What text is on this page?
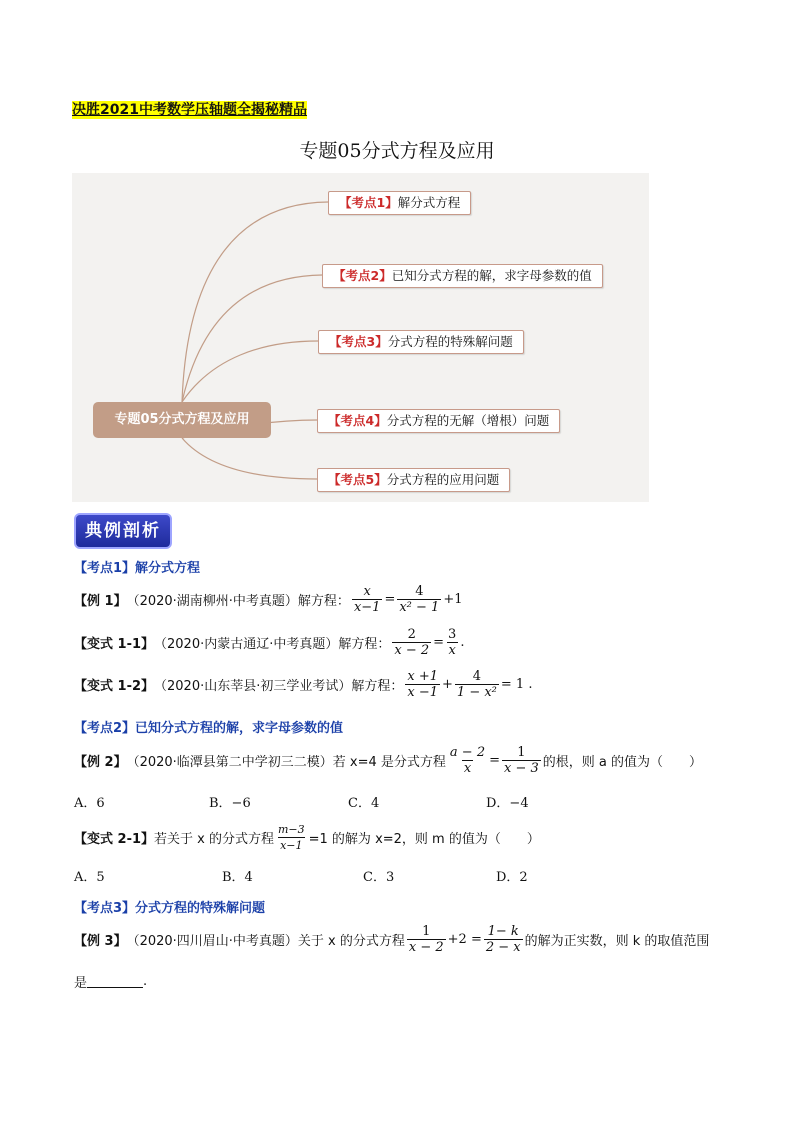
决胜2021中考数学压轴题全揭秘精品
专题05分式方程及应用
专题05分式方程及应用
【考点1】解分式方程
【考点2】已知分式方程的解，求字母参数的值
【考点3】分式方程的特殊解问题
【考点4】分式方程的无解（增根）问题
【考点5】分式方程的应用问题
典例剖析
【考点1】解分式方程
【例 1】 （2020·湖南柳州·中考真题）解方程： $\frac{x}{x-1} = \frac{4}{\text{x² − 1}} +1$
【变式 1-1】 （2020·内蒙古通辽·中考真题）解方程： $\frac{2}{x - 2} = \frac{3}{x}$ .
【变式 1-2】 （2020·山东莘县·初三学业考试）解方程： $\frac{x +1}{x -1} + \frac{4}{\text{1 − x²}} = 1$ .
【考点2】已知分式方程的解，求字母参数的值
【例 2】 （2020·临潭县第二中学初三二模）若 x=4 是分式方程 $\frac{a - 2}{x} = \frac{1}{x - 3}$ 的根，则 a 的值为（　　）
A．6	B．−6	C．4	D．−4
【变式 2-1】 若关于 x 的分式方程 $\frac{m-3}{x-1} =1$ 的解为 x=2，则 m 的值为（　　）
A．5	B．4	C．3	D．2
【考点3】分式方程的特殊解问题
【例 3】 （2020·四川眉山·中考真题）关于 x 的分式方程 $\frac{1}{x - 2} +2 = \frac{1- k}{2 - x}$ 的解为正实数，则 k 的取值范围
是	.
